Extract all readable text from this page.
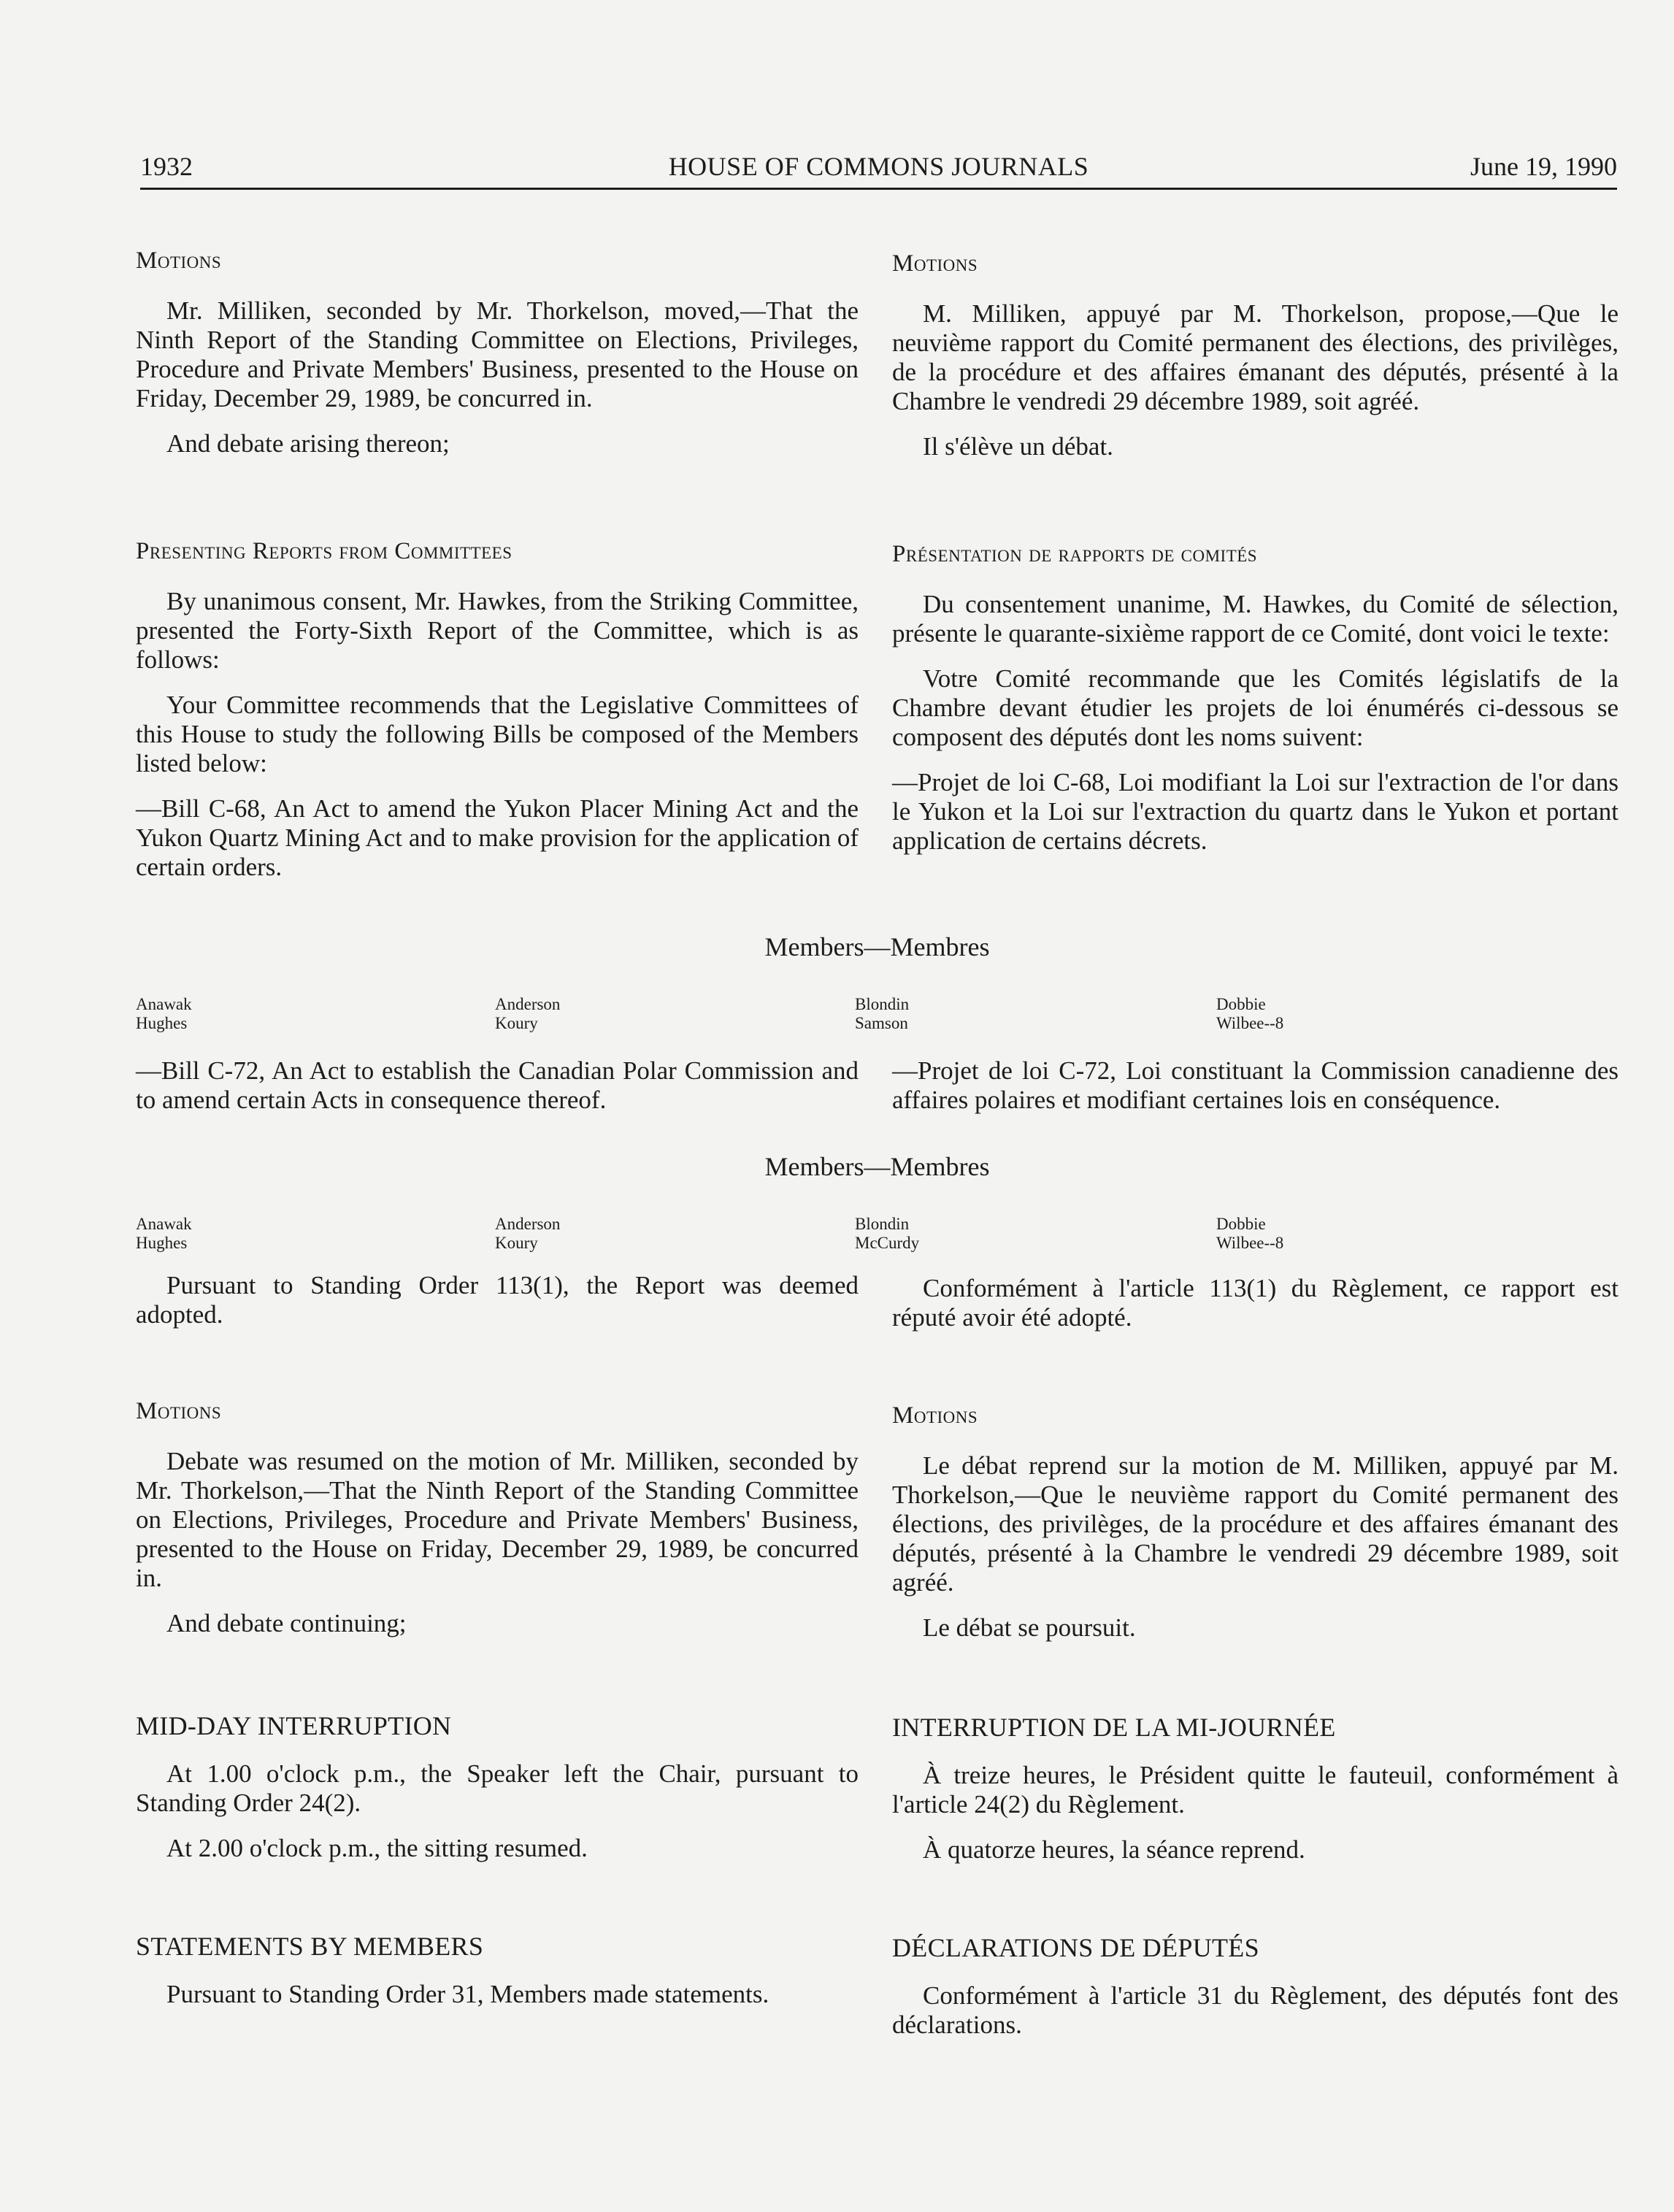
1932	HOUSE OF COMMONS JOURNALS	June 19, 1990
Motions

Mr. Milliken, seconded by Mr. Thorkelson, moved,—That the Ninth Report of the Standing Committee on Elections, Privileges, Procedure and Private Members' Business, presented to the House on Friday, December 29, 1989, be concurred in.

And debate arising thereon;

Motions

M. Milliken, appuyé par M. Thorkelson, propose,—Que le neuvième rapport du Comité permanent des élections, des privilèges, de la procédure et des affaires émanant des députés, présenté à la Chambre le vendredi 29 décembre 1989, soit agréé.

Il s'élève un débat.

Presenting Reports from Committees

By unanimous consent, Mr. Hawkes, from the Striking Committee, presented the Forty-Sixth Report of the Committee, which is as follows:

Your Committee recommends that the Legislative Committees of this House to study the following Bills be composed of the Members listed below:

—Bill C-68, An Act to amend the Yukon Placer Mining Act and the Yukon Quartz Mining Act and to make provision for the application of certain orders.

Présentation de rapports de comités

Du consentement unanime, M. Hawkes, du Comité de sélection, présente le quarante-sixième rapport de ce Comité, dont voici le texte:

Votre Comité recommande que les Comités législatifs de la Chambre devant étudier les projets de loi énumérés ci-dessous se composent des députés dont les noms suivent:

—Projet de loi C-68, Loi modifiant la Loi sur l'extraction de l'or dans le Yukon et la Loi sur l'extraction du quartz dans le Yukon et portant application de certains décrets.

Members—Membres
Anawak	Anderson	Blondin	Dobbie
Hughes	Koury	Samson	Wilbee--8

—Bill C-72, An Act to establish the Canadian Polar Commission and to amend certain Acts in consequence thereof.

—Projet de loi C-72, Loi constituant la Commission canadienne des affaires polaires et modifiant certaines lois en conséquence.

Members—Membres
Anawak	Anderson	Blondin	Dobbie
Hughes	Koury	McCurdy	Wilbee--8

Pursuant to Standing Order 113(1), the Report was deemed adopted.

Conformément à l'article 113(1) du Règlement, ce rapport est réputé avoir été adopté.

Motions

Debate was resumed on the motion of Mr. Milliken, seconded by Mr. Thorkelson,—That the Ninth Report of the Standing Committee on Elections, Privileges, Procedure and Private Members' Business, presented to the House on Friday, December 29, 1989, be concurred in.

And debate continuing;

Motions

Le débat reprend sur la motion de M. Milliken, appuyé par M. Thorkelson,—Que le neuvième rapport du Comité permanent des élections, des privilèges, de la procédure et des affaires émanant des députés, présenté à la Chambre le vendredi 29 décembre 1989, soit agréé.

Le débat se poursuit.

MID-DAY INTERRUPTION

At 1.00 o'clock p.m., the Speaker left the Chair, pursuant to Standing Order 24(2).

At 2.00 o'clock p.m., the sitting resumed.

INTERRUPTION DE LA MI-JOURNÉE

À treize heures, le Président quitte le fauteuil, conformément à l'article 24(2) du Règlement.

À quatorze heures, la séance reprend.

STATEMENTS BY MEMBERS

Pursuant to Standing Order 31, Members made statements.

DÉCLARATIONS DE DÉPUTÉS

Conformément à l'article 31 du Règlement, des députés font des déclarations.
